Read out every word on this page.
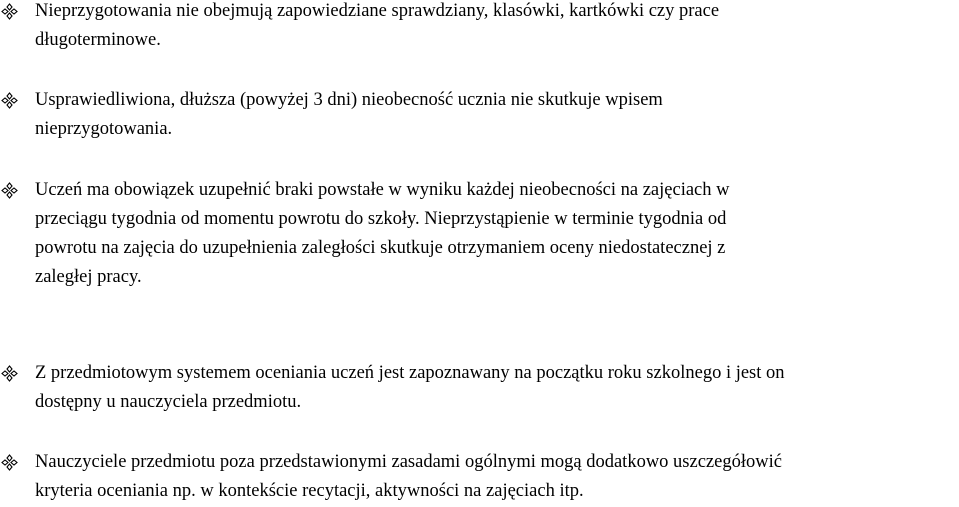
Nieprzygotowania nie obejmują zapowiedziane sprawdziany, klasówki, kartkówki czy prace
długoterminowe.
Usprawiedliwiona, dłuższa (powyżej 3 dni) nieobecność ucznia nie skutkuje wpisem
nieprzygotowania.
Uczeń ma obowiązek uzupełnić braki powstałe w wyniku każdej nieobecności na zajęciach w
przeciągu tygodnia od momentu powrotu do szkoły. Nieprzystąpienie w terminie tygodnia od
powrotu na zajęcia do uzupełnienia zaległości skutkuje otrzymaniem oceny niedostatecznej z
zaległej pracy.
Z przedmiotowym systemem oceniania uczeń jest zapoznawany na początku roku szkolnego i jest on
dostępny u nauczyciela przedmiotu.
Nauczyciele przedmiotu poza przedstawionymi zasadami ogólnymi mogą dodatkowo uszczegółowić
kryteria oceniania np. w kontekście recytacji, aktywności na zajęciach itp.
